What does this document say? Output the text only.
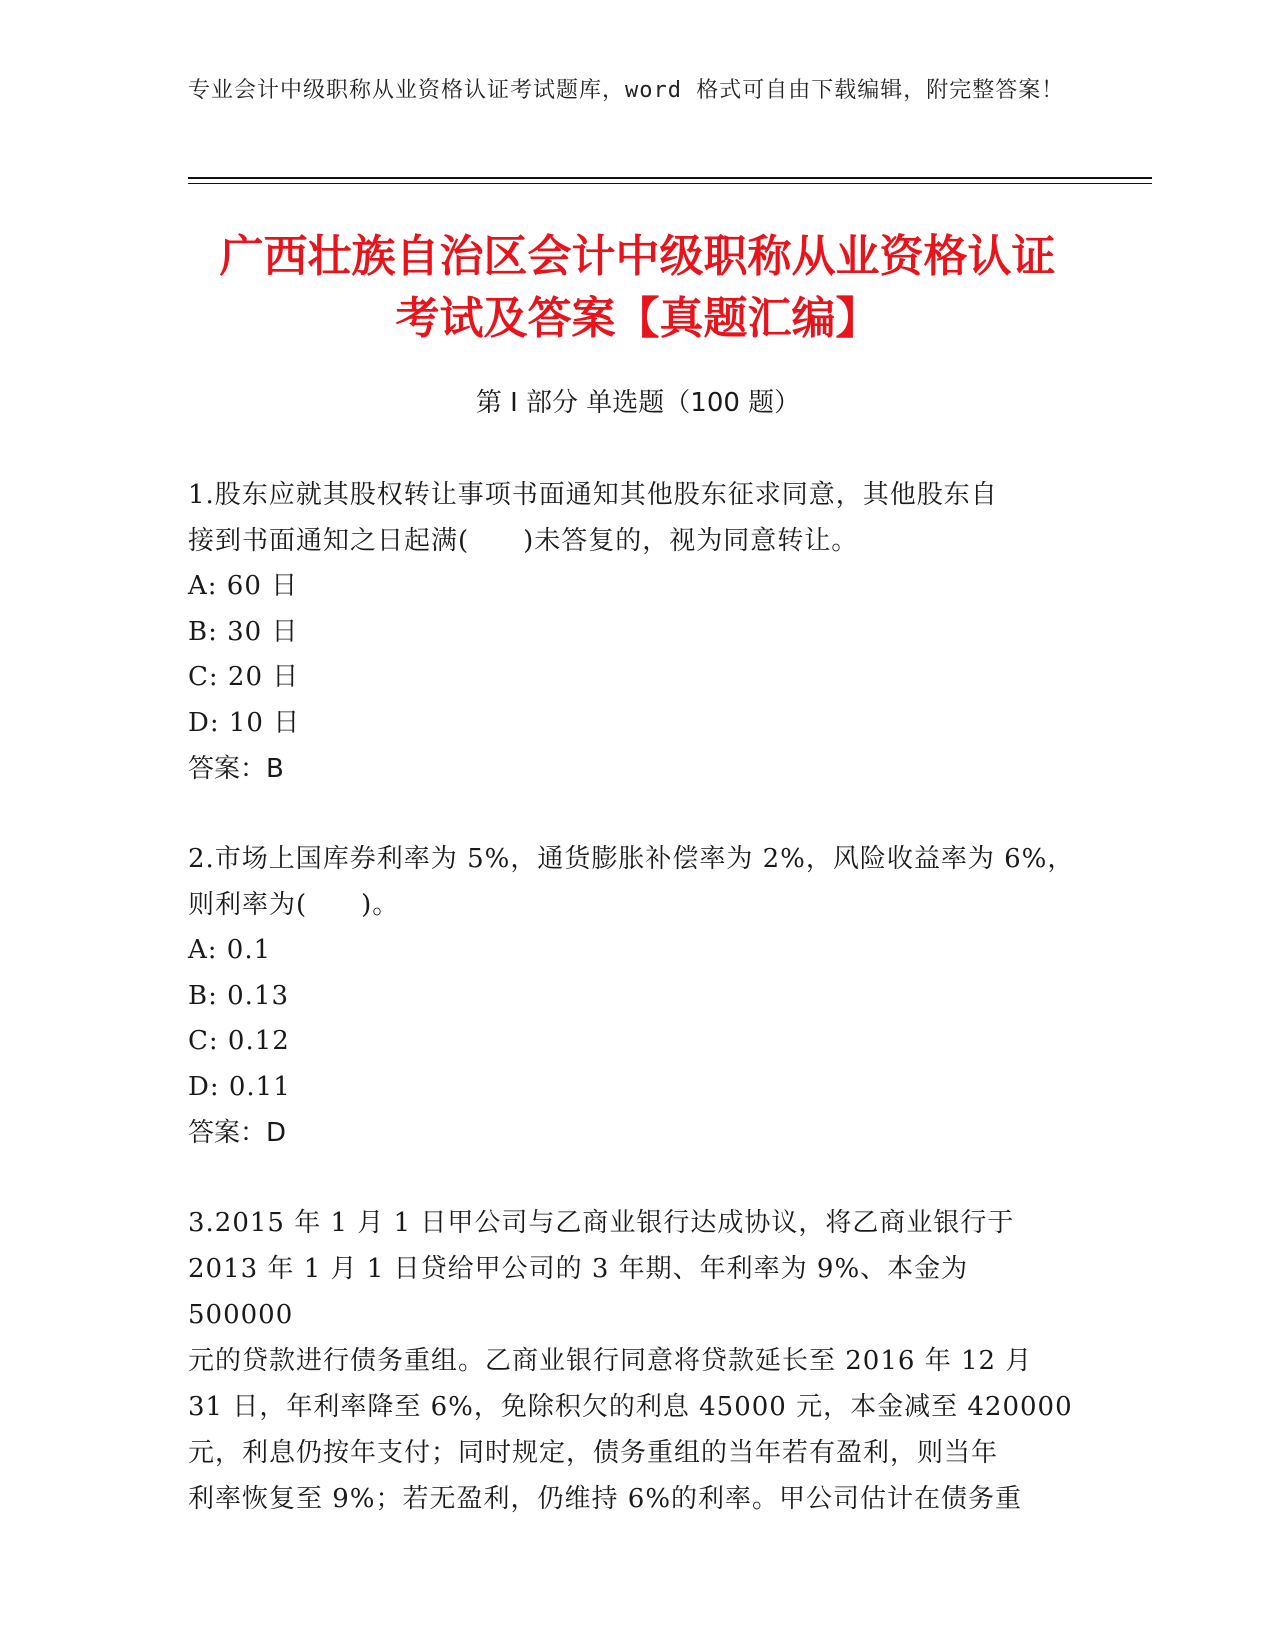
专业会计中级职称从业资格认证考试题库，word 格式可自由下载编辑，附完整答案！
广西壮族自治区会计中级职称从业资格认证
考试及答案【真题汇编】
第 I 部分 单选题（100 题）
1.股东应就其股权转让事项书面通知其他股东征求同意，其他股东自
接到书面通知之日起满(　　)未答复的，视为同意转让。
A: 60 日
B: 30 日
C: 20 日
D: 10 日
答案：B
2.市场上国库券利率为 5%，通货膨胀补偿率为 2%，风险收益率为 6%，
则利率为(　　)。
A: 0.1
B: 0.13
C: 0.12
D: 0.11
答案：D
3.2015 年 1 月 1 日甲公司与乙商业银行达成协议，将乙商业银行于
2013 年 1 月 1 日贷给甲公司的 3 年期、年利率为 9%、本金为 500000
元的贷款进行债务重组。乙商业银行同意将贷款延长至 2016 年 12 月
31 日，年利率降至 6%，免除积欠的利息 45000 元，本金减至 420000
元，利息仍按年支付；同时规定，债务重组的当年若有盈利，则当年
利率恢复至 9%；若无盈利，仍维持 6%的利率。甲公司估计在债务重
